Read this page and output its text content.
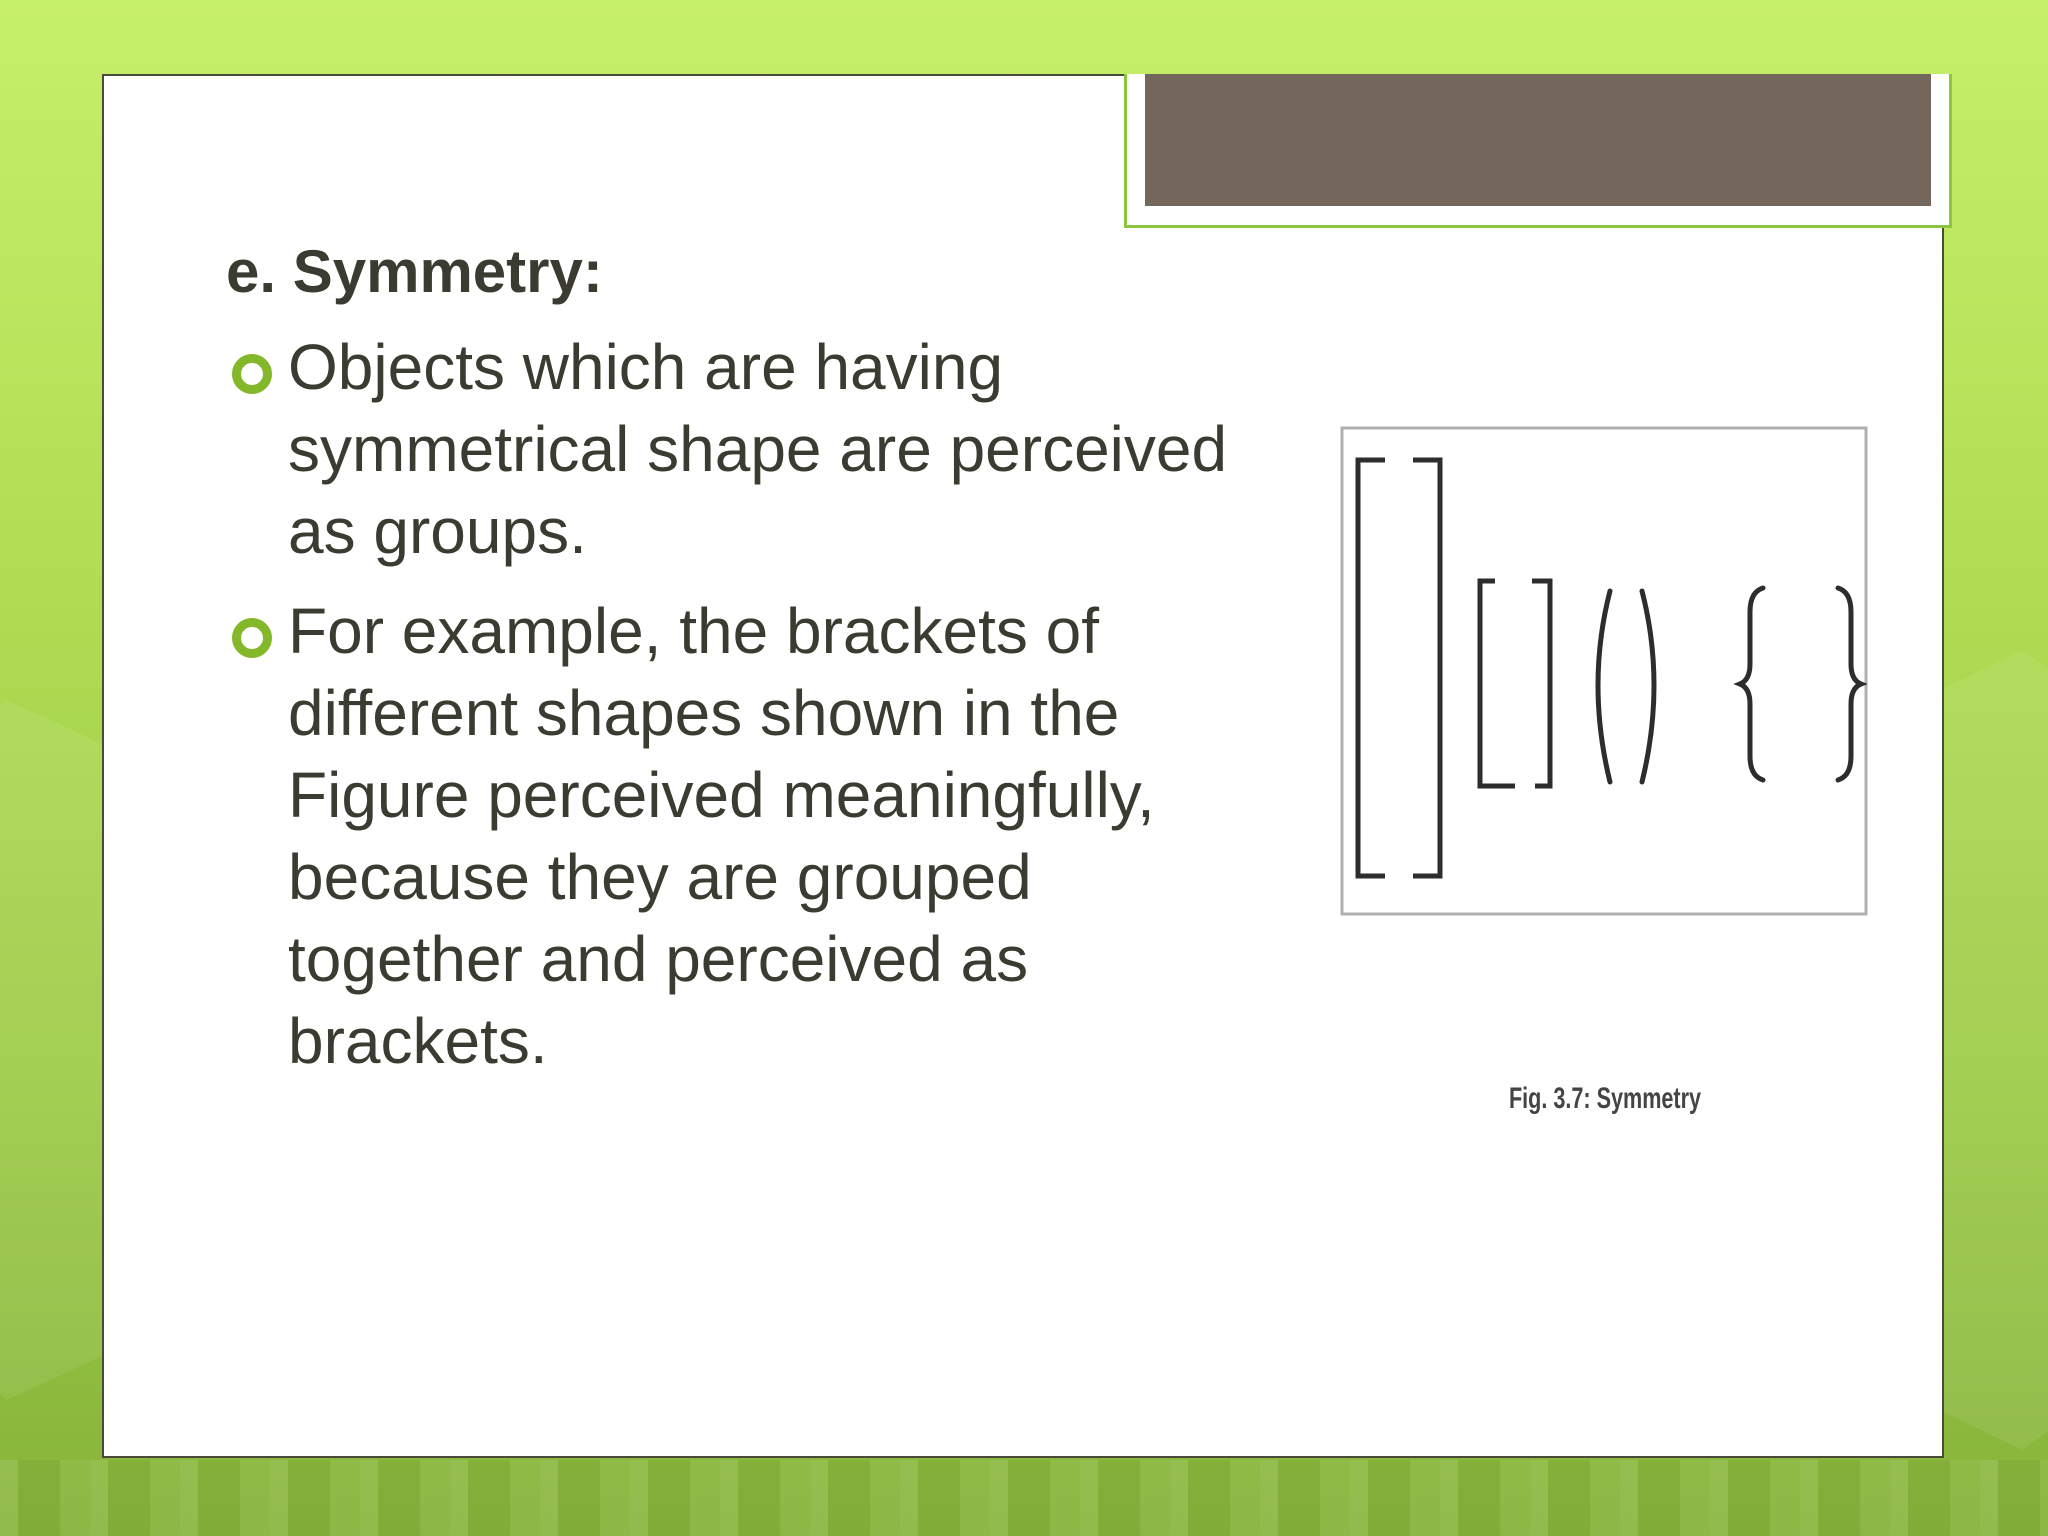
e. Symmetry:
Objects which are having symmetrical shape are perceived as groups.
For example, the brackets of different shapes shown in the Figure perceived meaningfully, because they are grouped together and perceived as brackets.

Fig. 3.7: Symmetry
